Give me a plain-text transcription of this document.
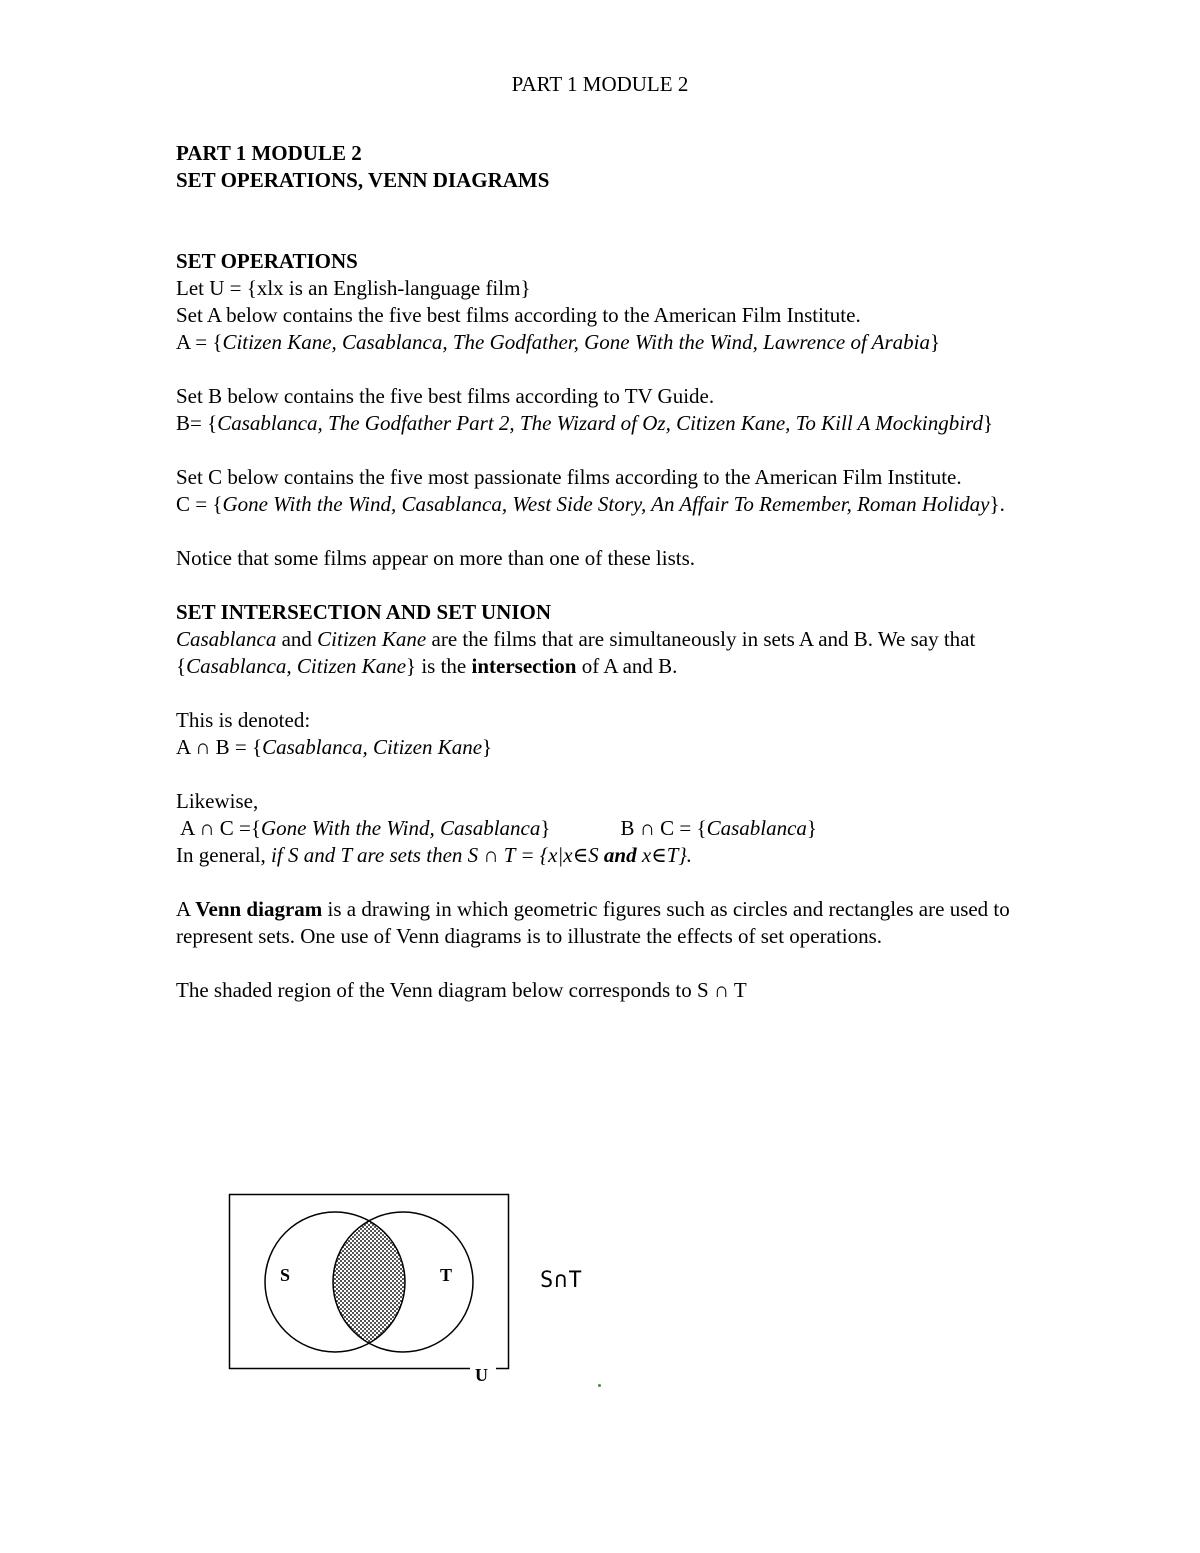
PART 1 MODULE 2

PART 1 MODULE 2

SET OPERATIONS, VENN DIAGRAMS

SET OPERATIONS

Let U = {xlx is an English-language film}

Set A below contains the five best films according to the American Film Institute.

A = {Citizen Kane, Casablanca, The Godfather, Gone With the Wind, Lawrence of Arabia}

Set B below contains the five best films according to TV Guide.

B= {Casablanca, The Godfather Part 2, The Wizard of Oz, Citizen Kane, To Kill A Mockingbird}

Set C below contains the five most passionate films according to the American Film Institute.

C = {Gone With the Wind, Casablanca, West Side Story, An Affair To Remember, Roman Holiday}.

Notice that some films appear on more than one of these lists.

SET INTERSECTION AND SET UNION

Casablanca and Citizen Kane are the films that are simultaneously in sets A and B. We say that {Casablanca, Citizen Kane} is the intersection of A and B.

This is denoted:

A ∩ B = {Casablanca, Citizen Kane}

Likewise,

A ∩ C ={Gone With the Wind, Casablanca}	B ∩ C = {Casablanca}

In general, if S and T are sets then S ∩ T = {x|x∈S and x∈T}.

A Venn diagram is a drawing in which geometric figures such as circles and rectangles are used to represent sets. One use of Venn diagrams is to illustrate the effects of set operations.

The shaded region of the Venn diagram below corresponds to S ∩ T

S	T
U
S∩T
